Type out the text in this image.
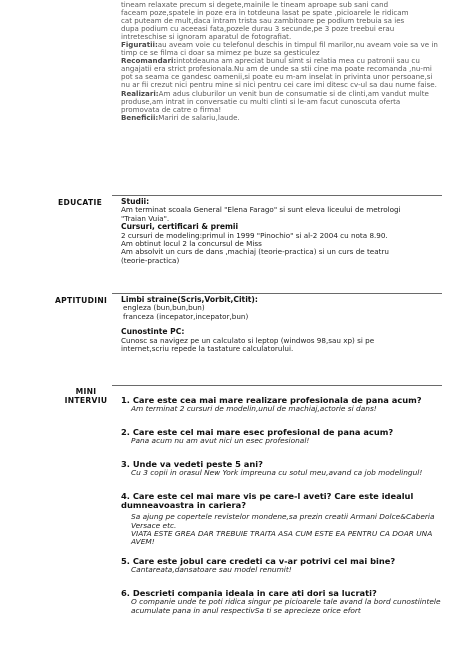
tineam relaxate precum si degete,mainile le tineam aproape sub sani cand

faceam poze,spatele in poze era in totdeuna lasat pe spate ,picioarele le ridicam

cat puteam de mult,daca intram trista sau zambitoare pe podium trebuia sa ies

dupa podium cu aceeasi fata,pozele durau 3 secunde,pe 3 poze treebui erau

intreteschise si ignoram aparatul de fotografiat.

Figuratii:au aveam voie cu telefonul deschis in timpul fil marilor,nu aveam voie sa ve in timp ce se filma ci doar sa mimez pe buze sa gesticulez

Recomandari:intotdeauna am apreciat bunul simt si relatia mea cu patronii sau cu angajatii era strict profesionala.Nu am de unde sa stii cine ma poate recomanda ,nu-mi pot sa seama ce gandesc oamenii,si poate eu m-am inselat in privinta unor persoane,si nu ar fii crezut nici pentru mine si nici pentru cei care imi ditesc cv-ul sa dau nume faise.

Realizari:Am adus cluburilor un venit bun de consumatie si de clinti,am vandut multe produse,am intrat in conversatie cu multi clinti si le-am facut cunoscuta oferta promovata de catre o firma!

Beneficii:Mariri de salariu,laude.

EDUCATIE Studii:

Am terminat scoala General "Elena Farago" si sunt eleva liceului de metrologi

"Traian Vuia".

Cursuri, certificari & premii

2 cursuri de modeling:primul in 1999 "Pinochio" si al-2 2004 cu nota 8.90.

Am obtinut locul 2 la concursul de Miss

Am absolvit un curs de dans ,machiaj (teorie-practica) si un curs de teatru

(teorie-practica)

APTITUDINI Limbi straine(Scris,Vorbit,Citit):

engleza (bun,bun,bun)

franceza (incepator,incepator,bun)

Cunostinte PC:

Cunosc sa navigez pe un calculato si leptop (windwos 98,sau xp) si pe

internet,scriu repede la tastature calculatorului.

MINI
INTERVIU	1. Care este cea mai mare realizare profesionala de pana acum?

Am terminat 2 cursuri de modelin,unul de machiaj,actorie si dans!

2. Care este cel mai mare esec profesional de pana acum?

Pana acum nu am avut nici un esec profesional!

3. Unde va vedeti peste 5 ani?

Cu 3 copii in orasul New York impreuna cu sotul meu,avand ca job modelingul!

4. Care este cel mai mare vis pe care-l aveti? Care este idealul dumneavoastra in cariera?

Sa ajung pe copertele revistelor mondene,sa prezin creatii Armani Dolce&Caberia Versace etc.

VIATA ESTE GREA DAR TREBUIE TRAITA ASA CUM ESTE EA PENTRU CA DOAR UNA AVEM!

5. Care este jobul care credeti ca v-ar potrivi cel mai bine?

Cantareata,dansatoare sau model renumit!

6. Descrieti compania ideala in care ati dori sa lucrati?

O companie unde te poti ridica singur pe picioarele tale avand la bord cunostiintele acumulate pana in anul respectivSa ti se aprecieze orice efort
